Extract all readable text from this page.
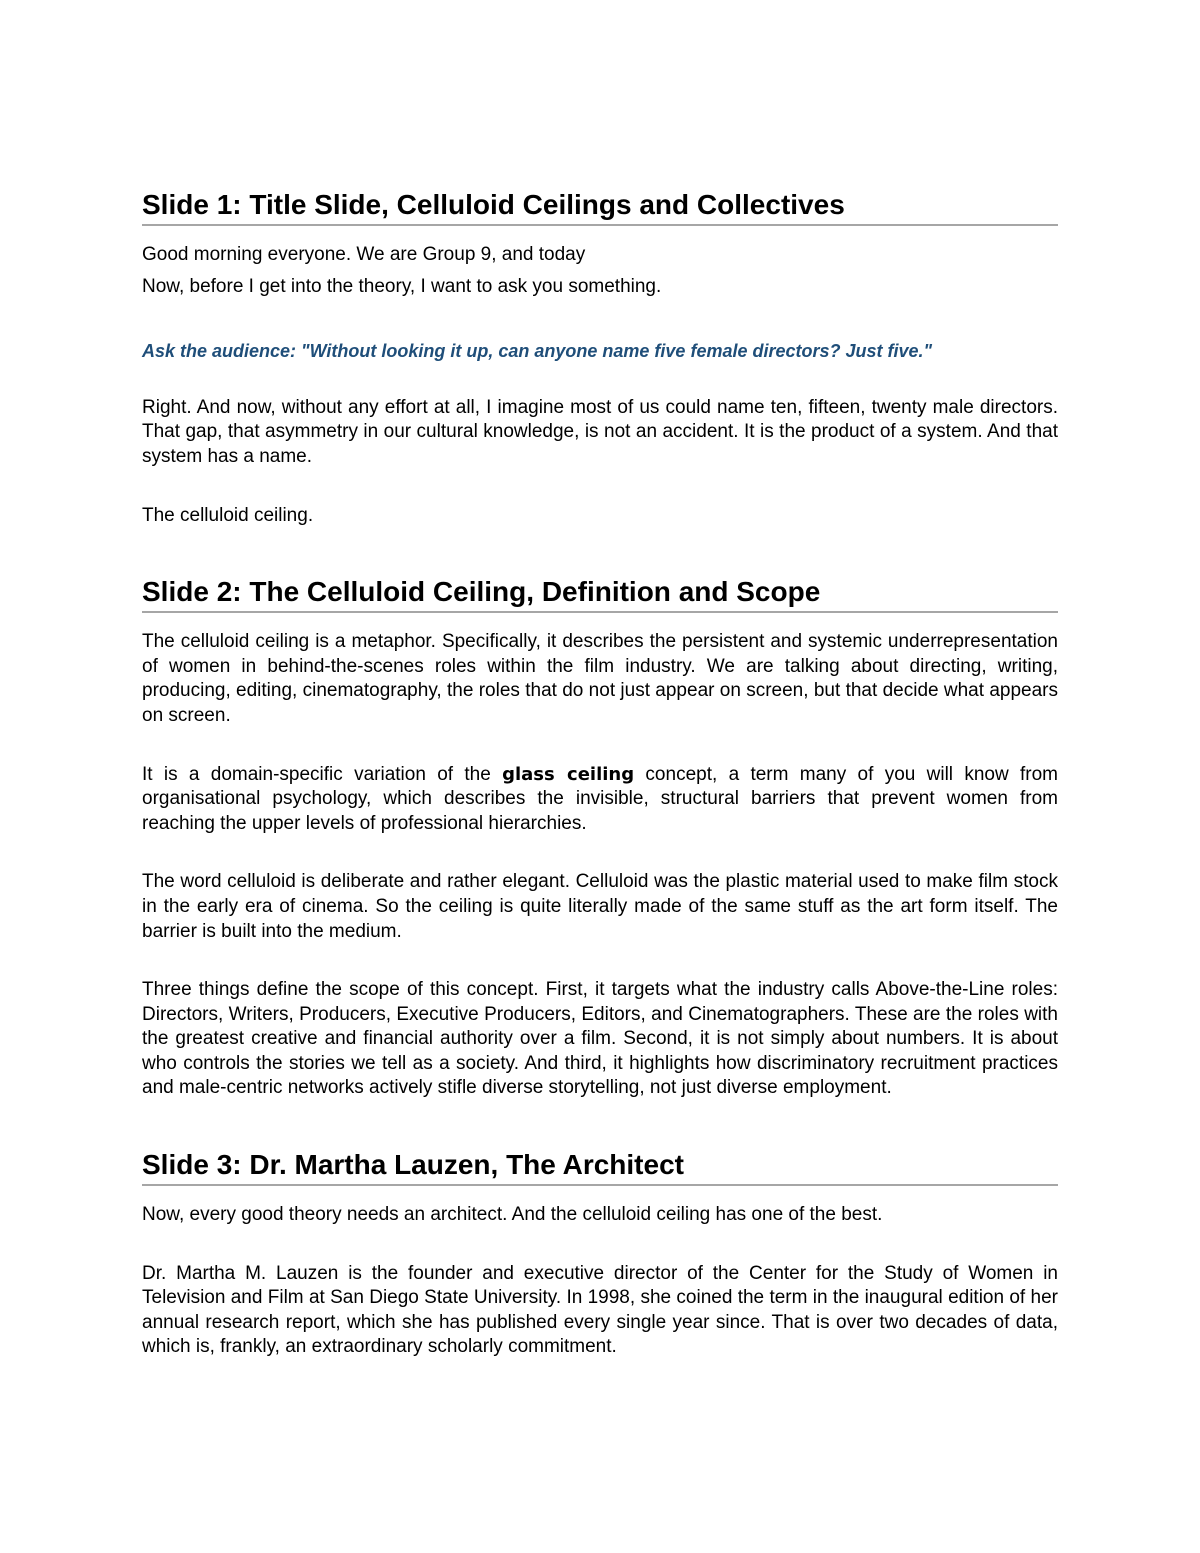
Slide 1: Title Slide, Celluloid Ceilings and Collectives

Good morning everyone. We are Group 9, and today

Now, before I get into the theory, I want to ask you something.

Ask the audience: "Without looking it up, can anyone name five female directors? Just five."

Right. And now, without any effort at all, I imagine most of us could name ten, fifteen, twenty male directors. That gap, that asymmetry in our cultural knowledge, is not an accident. It is the product of a system. And that system has a name.

The celluloid ceiling.

Slide 2: The Celluloid Ceiling, Definition and Scope

The celluloid ceiling is a metaphor. Specifically, it describes the persistent and systemic underrepresentation of women in behind-the-scenes roles within the film industry. We are talking about directing, writing, producing, editing, cinematography, the roles that do not just appear on screen, but that decide what appears on screen.

It is a domain-specific variation of the glass ceiling concept, a term many of you will know from organisational psychology, which describes the invisible, structural barriers that prevent women from reaching the upper levels of professional hierarchies.

The word celluloid is deliberate and rather elegant. Celluloid was the plastic material used to make film stock in the early era of cinema. So the ceiling is quite literally made of the same stuff as the art form itself. The barrier is built into the medium.

Three things define the scope of this concept. First, it targets what the industry calls Above-the-Line roles: Directors, Writers, Producers, Executive Producers, Editors, and Cinematographers. These are the roles with the greatest creative and financial authority over a film. Second, it is not simply about numbers. It is about who controls the stories we tell as a society. And third, it highlights how discriminatory recruitment practices and male-centric networks actively stifle diverse storytelling, not just diverse employment.

Slide 3: Dr. Martha Lauzen, The Architect

Now, every good theory needs an architect. And the celluloid ceiling has one of the best.

Dr. Martha M. Lauzen is the founder and executive director of the Center for the Study of Women in Television and Film at San Diego State University. In 1998, she coined the term in the inaugural edition of her annual research report, which she has published every single year since. That is over two decades of data, which is, frankly, an extraordinary scholarly commitment.
